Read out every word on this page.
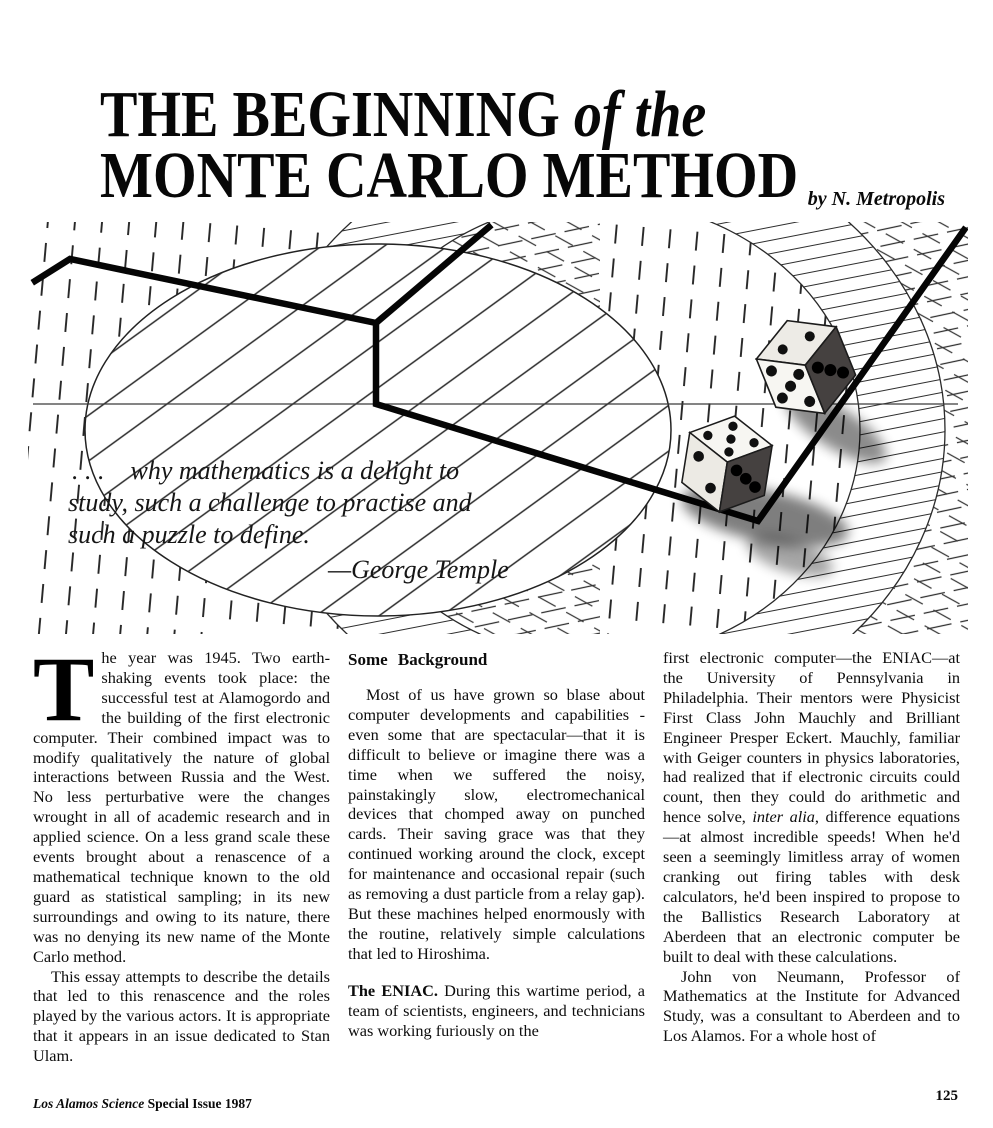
THE BEGINNING of the
MONTE CARLO METHOD by N. Metropolis
. . .    why mathematics is a delight to
study, such a challenge to practise and
such a puzzle to define.
—George Temple

The year was 1945. Two earth-shaking events took place: the successful test at Alamogordo and the building of the first electronic computer. Their combined impact was to modify qualitatively the nature of global interactions between Russia and the West. No less perturbative were the changes wrought in all of academic research and in applied science. On a less grand scale these events brought about a renascence of a mathematical technique known to the old guard as statistical sampling; in its new surroundings and owing to its nature, there was no denying its new name of the Monte Carlo method.

This essay attempts to describe the details that led to this renascence and the roles played by the various actors. It is appropriate that it appears in an issue dedicated to Stan Ulam.

Some Background

Most of us have grown so blase about computer developments and capabilities -even some that are spectacular—that it is difficult to believe or imagine there was a time when we suffered the noisy, painstakingly slow, electromechanical devices that chomped away on punched cards. Their saving grace was that they continued working around the clock, except for maintenance and occasional repair (such as removing a dust particle from a relay gap). But these machines helped enormously with the routine, relatively simple calculations that led to Hiroshima.

The ENIAC. During this wartime period, a team of scientists, engineers, and technicians was working furiously on the

first electronic computer—the ENIAC—at the University of Pennsylvania in Philadelphia. Their mentors were Physicist First Class John Mauchly and Brilliant Engineer Presper Eckert. Mauchly, familiar with Geiger counters in physics laboratories, had realized that if electronic circuits could count, then they could do arithmetic and hence solve, inter alia, difference equations—at almost incredible speeds! When he'd seen a seemingly limitless array of women cranking out firing tables with desk calculators, he'd been inspired to propose to the Ballistics Research Laboratory at Aberdeen that an electronic computer be built to deal with these calculations.

John von Neumann, Professor of Mathematics at the Institute for Advanced Study, was a consultant to Aberdeen and to Los Alamos. For a whole host of

Los Alamos Science Special Issue 1987	125
